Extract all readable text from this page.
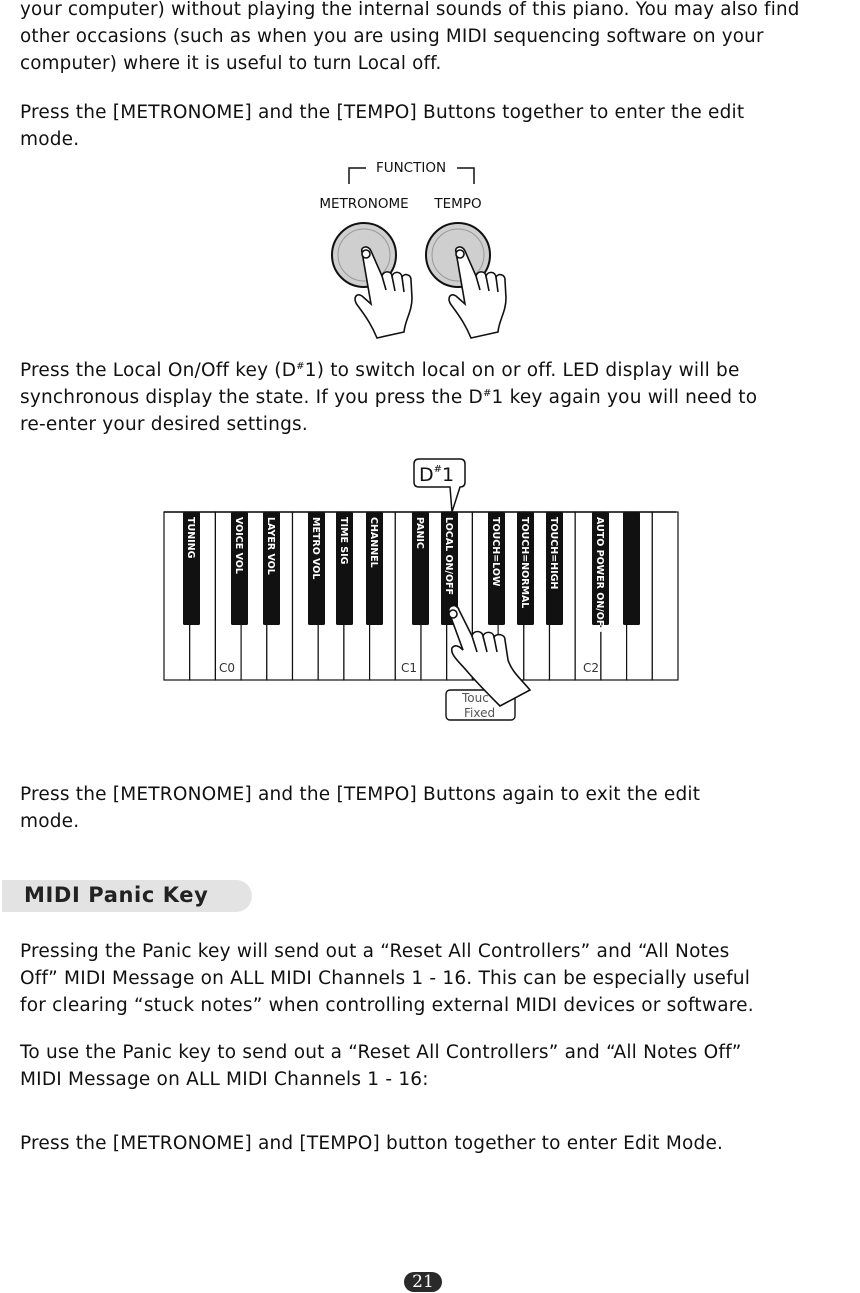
your computer) without playing the internal sounds of this piano. You may also find
other occasions (such as when you are using MIDI sequencing software on your
computer) where it is useful to turn Local off.
Press the [METRONOME] and the [TEMPO] Buttons together to enter the edit
mode.
FUNCTION
METRONOME TEMPO
Press the Local On/Off key (D#1) to switch local on or off. LED display will be
synchronous display the state. If you press the D#1 key again you will need to
re-enter your desired settings.
TUNING	VOICE VOL LAYER VOL	METRO VOL TIME SIG CHANNEL	PANIC LOCAL ON/OFF	TOUCH=LOW TOUCH=NORMAL TOUCH=HIGH	AUTO POWER ON/OFF
C0	C1	C2
D#1
Touc
Fixed
Press the [METRONOME] and the [TEMPO] Buttons again to exit the edit
mode.
MIDI Panic Key
Pressing the Panic key will send out a “Reset All Controllers” and “All Notes
Off” MIDI Message on ALL MIDI Channels 1 - 16. This can be especially useful
for clearing “stuck notes” when controlling external MIDI devices or software.
To use the Panic key to send out a “Reset All Controllers” and “All Notes Off”
MIDI Message on ALL MIDI Channels 1 - 16:
Press the [METRONOME] and [TEMPO] button together to enter Edit Mode.
21
